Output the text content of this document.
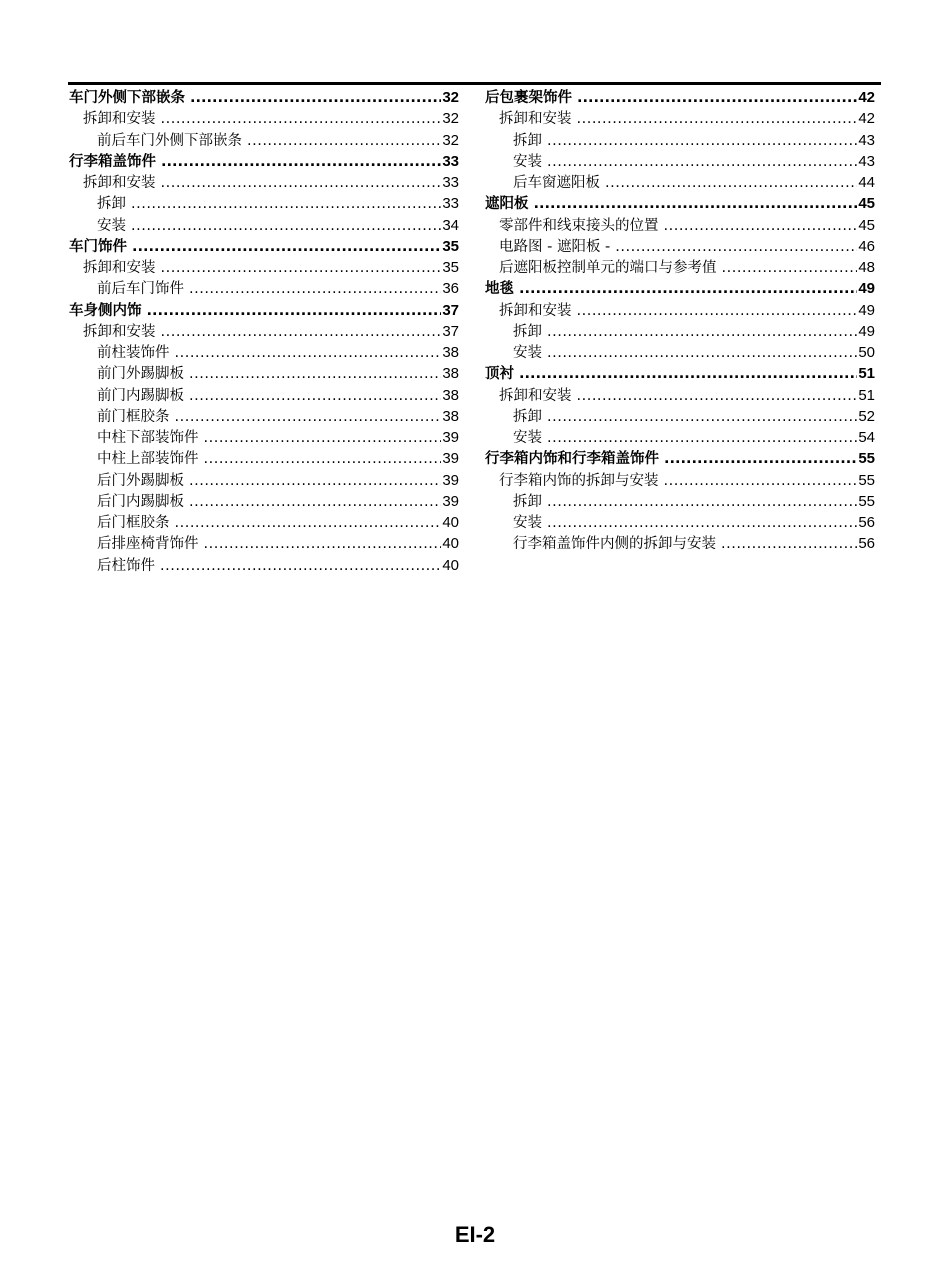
车门外侧下部嵌条 .....	32
拆卸和安装 .....	32
前后车门外侧下部嵌条 .....	32
行李箱盖饰件 .....	33
拆卸和安装 .....	33
拆卸 .....	33
安装 .....	34
车门饰件 .....	35
拆卸和安装 .....	35
前后车门饰件 .....	36
车身侧内饰 .....	37
拆卸和安装 .....	37
前柱装饰件 .....	38
前门外踢脚板 .....	38
前门内踢脚板 .....	38
前门框胶条 .....	38
中柱下部装饰件 .....	39
中柱上部装饰件 .....	39
后门外踢脚板 .....	39
后门内踢脚板 .....	39
后门框胶条 .....	40
后排座椅背饰件 .....	40
后柱饰件 .....	40
后包裹架饰件 .....	42
拆卸和安装 .....	42
拆卸 .....	43
安装 .....	43
后车窗遮阳板 .....	44
遮阳板 .....	45
零部件和线束接头的位置 .....	45
电路图 - 遮阳板 - .....	46
后遮阳板控制单元的端口与参考值 .....	48
地毯 .....	49
拆卸和安装 .....	49
拆卸 .....	49
安装 .....	50
顶衬 .....	51
拆卸和安装 .....	51
拆卸 .....	52
安装 .....	54
行李箱内饰和行李箱盖饰件 .....	55
行李箱内饰的拆卸与安装 .....	55
拆卸 .....	55
安装 .....	56
行李箱盖饰件内侧的拆卸与安装 .....	56
EI-2
